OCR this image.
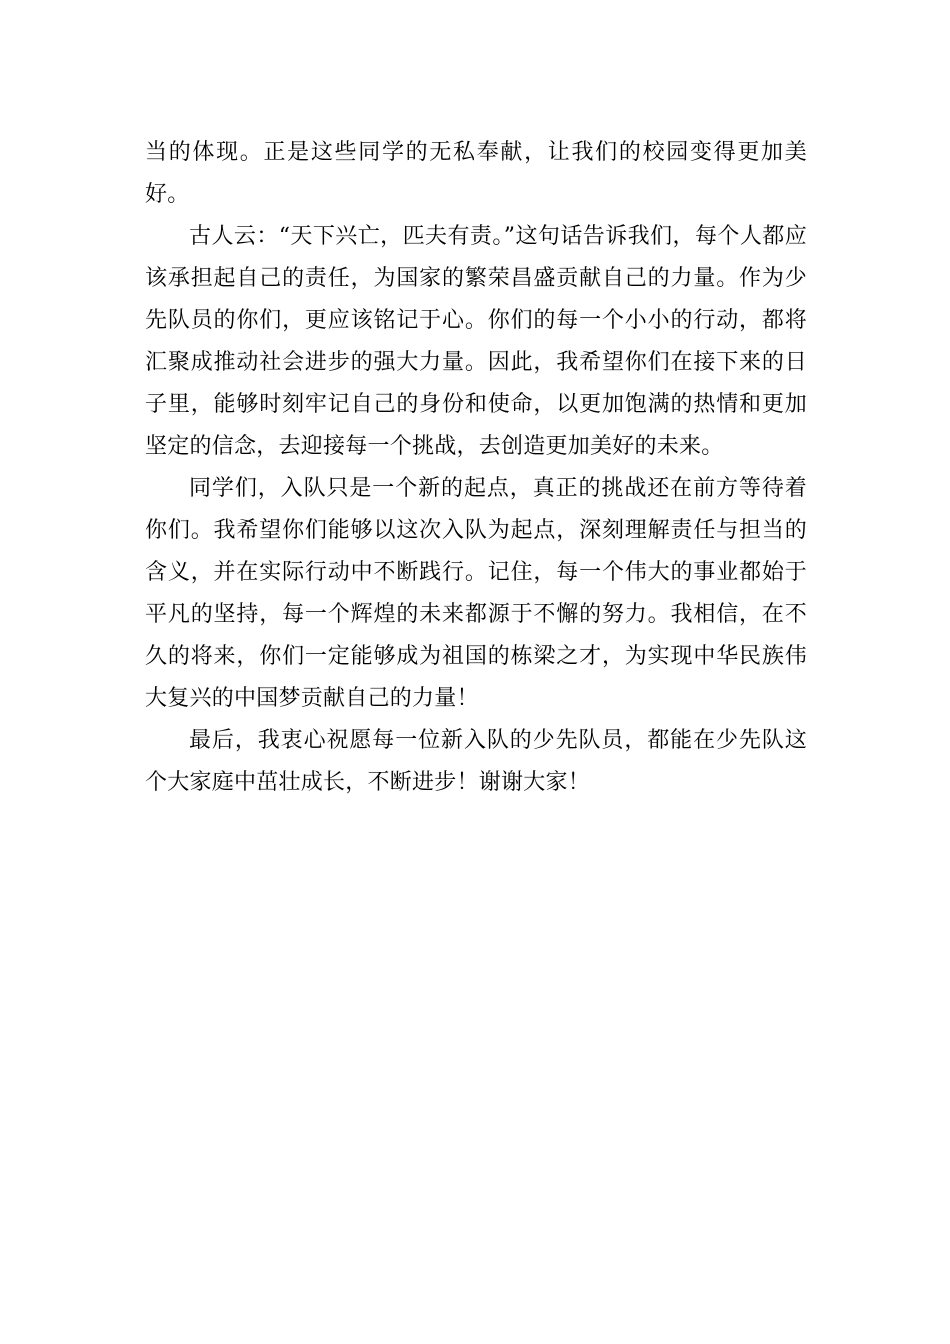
当的体现。正是这些同学的无私奉献，让我们的校园变得更加美好。

古人云：“天下兴亡，匹夫有责。”这句话告诉我们，每个人都应该承担起自己的责任，为国家的繁荣昌盛贡献自己的力量。作为少先队员的你们，更应该铭记于心。你们的每一个小小的行动，都将汇聚成推动社会进步的强大力量。因此，我希望你们在接下来的日子里，能够时刻牢记自己的身份和使命，以更加饱满的热情和更加坚定的信念，去迎接每一个挑战，去创造更加美好的未来。

同学们，入队只是一个新的起点，真正的挑战还在前方等待着你们。我希望你们能够以这次入队为起点，深刻理解责任与担当的含义，并在实际行动中不断践行。记住，每一个伟大的事业都始于平凡的坚持，每一个辉煌的未来都源于不懈的努力。我相信，在不久的将来，你们一定能够成为祖国的栋梁之才，为实现中华民族伟大复兴的中国梦贡献自己的力量！

最后，我衷心祝愿每一位新入队的少先队员，都能在少先队这个大家庭中茁壮成长，不断进步！谢谢大家！
